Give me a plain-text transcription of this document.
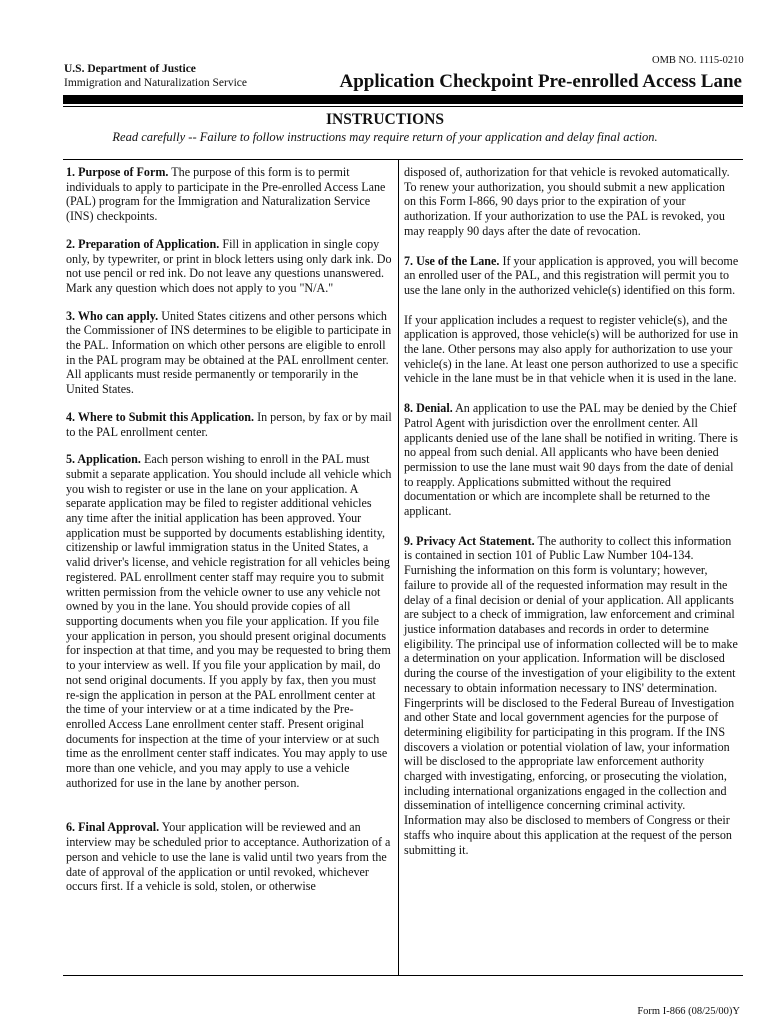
OMB NO. 1115-0210
U.S. Department of Justice
Immigration and Naturalization Service	Application Checkpoint Pre-enrolled Access Lane
INSTRUCTIONS
Read carefully -- Failure to follow instructions may require return of your application and delay final action.

1. Purpose of Form. The purpose of this form is to permit individuals to apply to participate in the Pre-enrolled Access Lane (PAL) program for the Immigration and Naturalization Service (INS) checkpoints.

2. Preparation of Application. Fill in application in single copy only, by typewriter, or print in block letters using only dark ink. Do not use pencil or red ink. Do not leave any questions unanswered. Mark any question which does not apply to you "N/A."

3. Who can apply. United States citizens and other persons which the Commissioner of INS determines to be eligible to participate in the PAL. Information on which other persons are eligible to enroll in the PAL program may be obtained at the PAL enrollment center. All applicants must reside permanently or temporarily in the United States.

4. Where to Submit this Application. In person, by fax or by mail to the PAL enrollment center.

5. Application. Each person wishing to enroll in the PAL must submit a separate application. You should include all vehicle which you wish to register or use in the lane on your application. A separate application may be filed to register additional vehicles any time after the initial application has been approved. Your application must be supported by documents establishing identity, citizenship or lawful immigration status in the United States, a valid driver's license, and vehicle registration for all vehicles being registered. PAL enrollment center staff may require you to submit written permission from the vehicle owner to use any vehicle not owned by you in the lane. You should provide copies of all supporting documents when you file your application. If you file your application in person, you should present original documents for inspection at that time, and you may be requested to bring them to your interview as well. If you file your application by mail, do not send original documents. If you apply by fax, then you must re-sign the application in person at the PAL enrollment center at the time of your interview or at a time indicated by the Pre-enrolled Access Lane enrollment center staff. Present original documents for inspection at the time of your interview or at such time as the enrollment center staff indicates. You may apply to use more than one vehicle, and you may apply to use a vehicle authorized for use in the lane by another person.

6. Final Approval. Your application will be reviewed and an interview may be scheduled prior to acceptance. Authorization of a person and vehicle to use the lane is valid until two years from the date of approval of the application or until revoked, whichever occurs first. If a vehicle is sold, stolen, or otherwise

disposed of, authorization for that vehicle is revoked automatically. To renew your authorization, you should submit a new application on this Form I-866, 90 days prior to the expiration of your authorization. If your authorization to use the PAL is revoked, you may reapply 90 days after the date of revocation.

7. Use of the Lane. If your application is approved, you will become an enrolled user of the PAL, and this registration will permit you to use the lane only in the authorized vehicle(s) identified on this form.

If your application includes a request to register vehicle(s), and the application is approved, those vehicle(s) will be authorized for use in the lane. Other persons may also apply for authorization to use your vehicle(s) in the lane. At least one person authorized to use a specific vehicle in the lane must be in that vehicle when it is used in the lane.

8. Denial. An application to use the PAL may be denied by the Chief Patrol Agent with jurisdiction over the enrollment center. All applicants denied use of the lane shall be notified in writing. There is no appeal from such denial. All applicants who have been denied permission to use the lane must wait 90 days from the date of denial to reapply. Applications submitted without the required documentation or which are incomplete shall be returned to the applicant.

9. Privacy Act Statement. The authority to collect this information is contained in section 101 of Public Law Number 104-134. Furnishing the information on this form is voluntary; however, failure to provide all of the requested information may result in the delay of a final decision or denial of your application. All applicants are subject to a check of immigration, law enforcement and criminal justice information databases and records in order to determine eligibility. The principal use of information collected will be to make a determination on your application. Information will be disclosed during the course of the investigation of your eligibility to the extent necessary to obtain information necessary to INS' determination. Fingerprints will be disclosed to the Federal Bureau of Investigation and other State and local government agencies for the purpose of determining eligibility for participating in this program. If the INS discovers a violation or potential violation of law, your information will be disclosed to the appropriate law enforcement authority charged with investigating, enforcing, or prosecuting the violation, including international organizations engaged in the collection and dissemination of intelligence concerning criminal activity. Information may also be disclosed to members of Congress or their staffs who inquire about this application at the request of the person submitting it.

Form I-866 (08/25/00)Y
